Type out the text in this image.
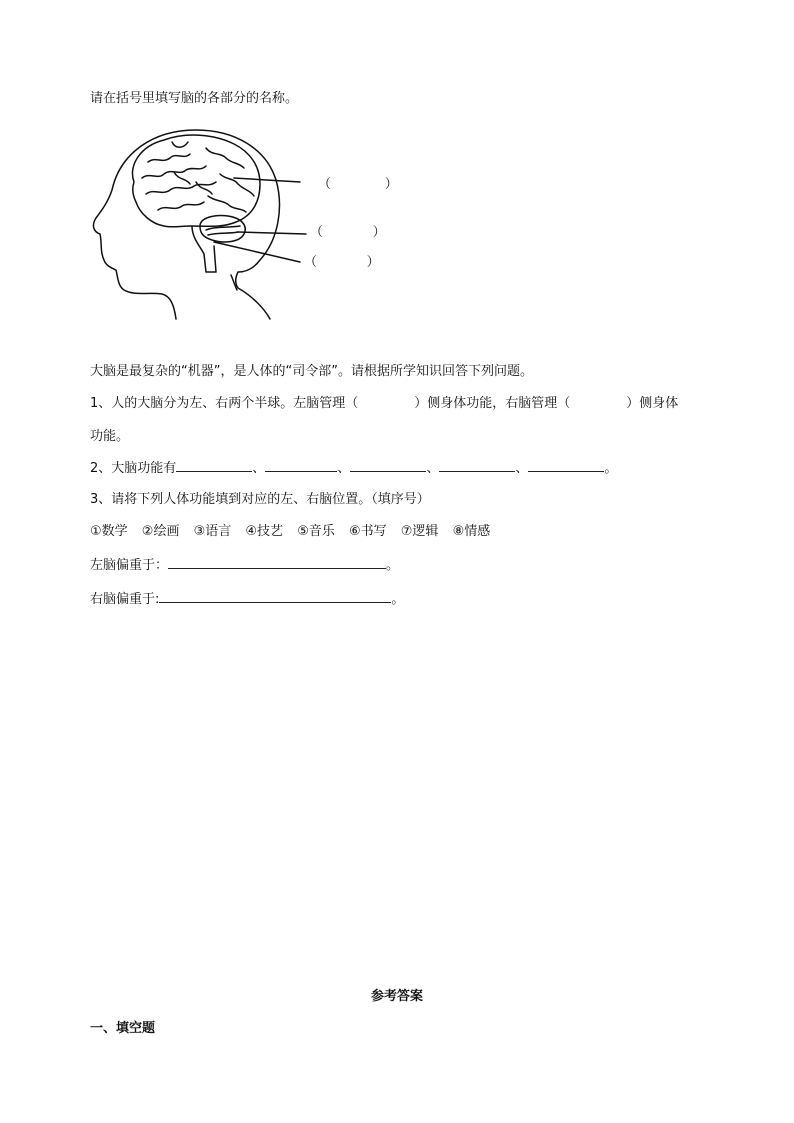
请在括号里填写脑的各部分的名称。
（             ）
（            ）
（            ）
大脑是最复杂的“机器”，是人体的“司令部”。请根据所学知识回答下列问题。
1、人的大脑分为左、右两个半球。左脑管理（	）侧身体功能，右脑管理（	）侧身体
功能。
2、大脑功能有	、	、	、	、	。
3、请将下列人体功能填到对应的左、右脑位置。（填序号）
①数学 ②绘画 ③语言 ④技艺 ⑤音乐 ⑥书写 ⑦逻辑 ⑧情感
左脑偏重于：	。
右脑偏重于:	。
参考答案
一、填空题
